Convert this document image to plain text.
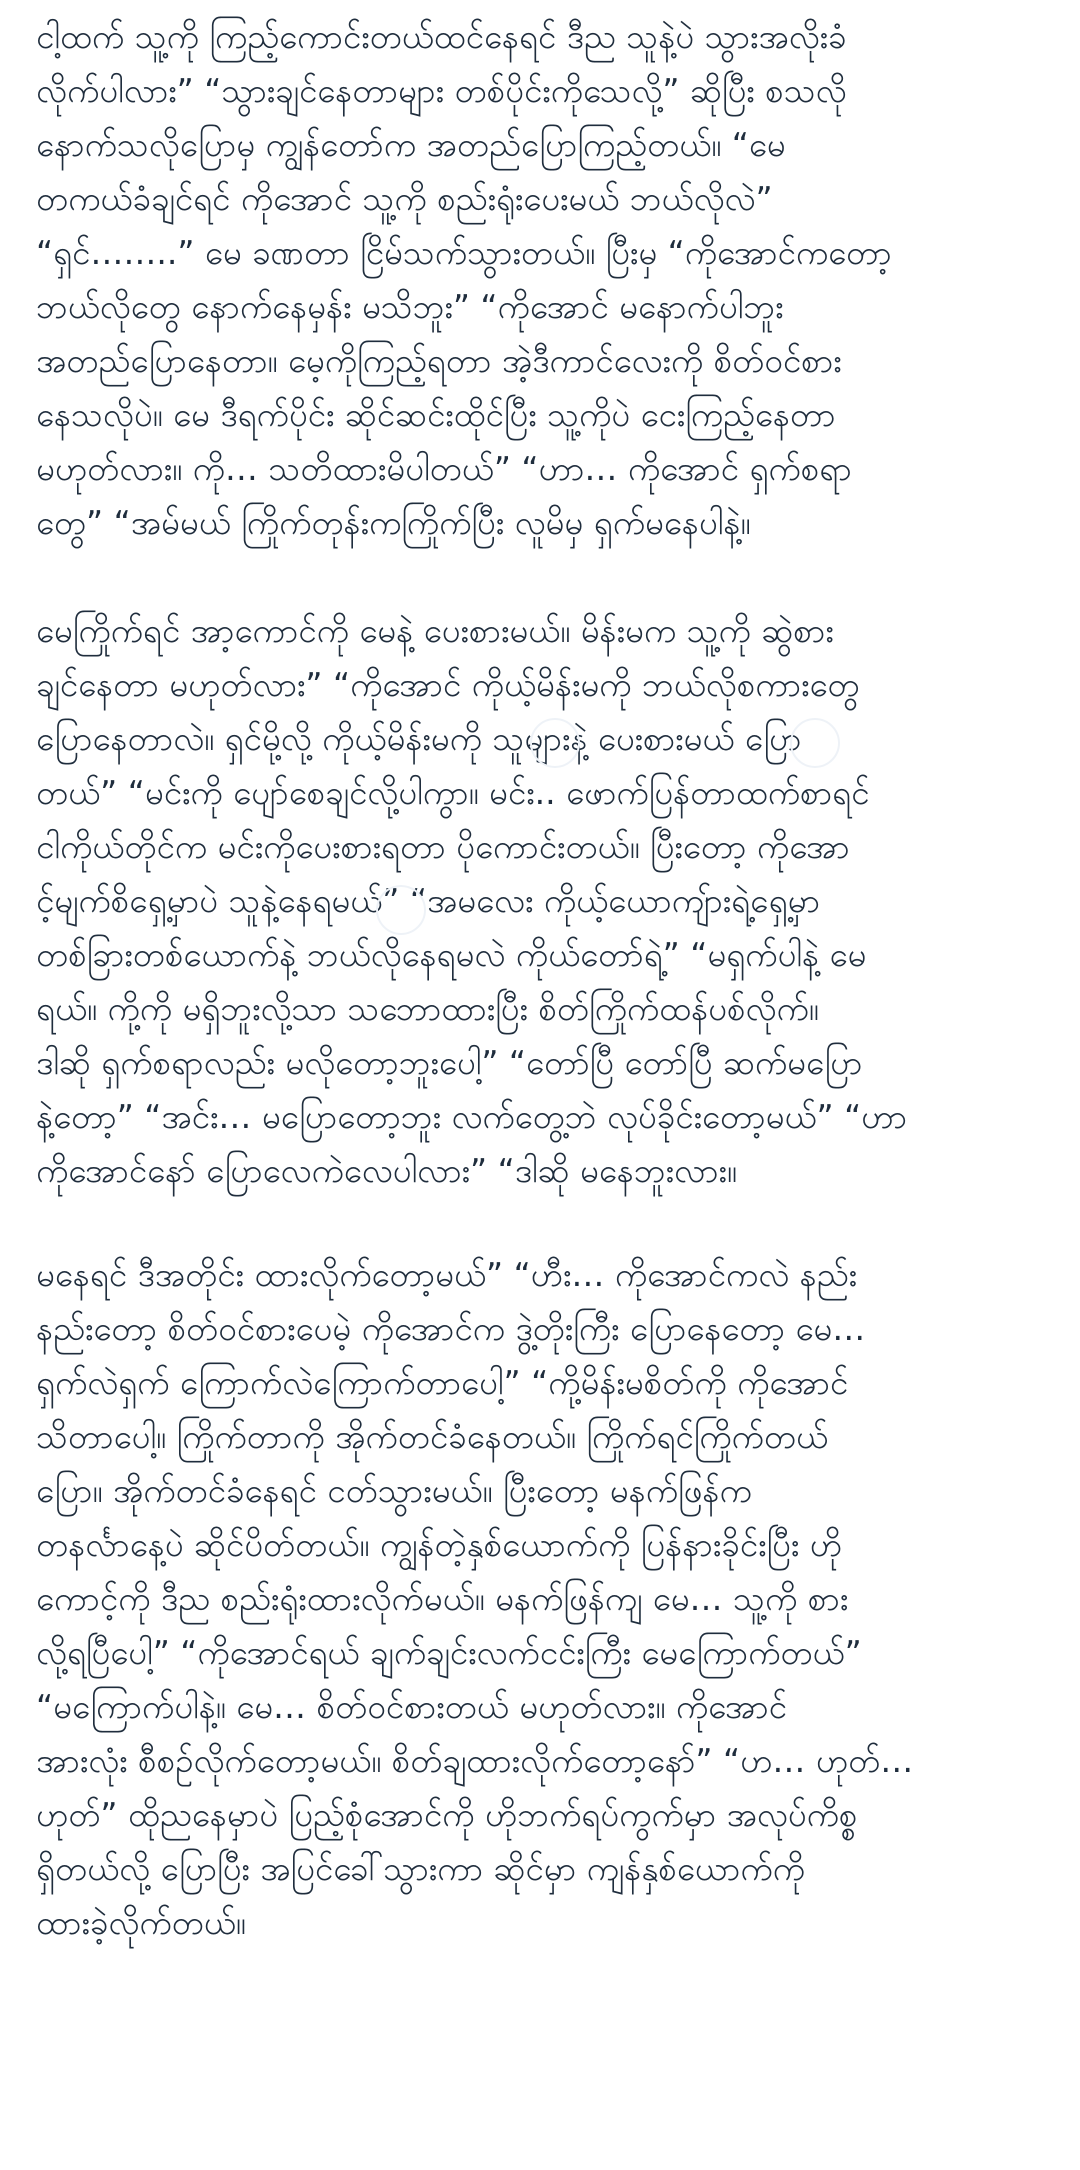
ငါ့ထက် သူ့ကို ကြည့်ကောင်းတယ်ထင်နေရင် ဒီည သူနဲ့ပဲ သွားအလိုးခံ
လိုက်ပါလား” “သွားချင်နေတာများ တစ်ပိုင်းကိုသေလို့” ဆိုပြီး စသလို
နောက်သလိုပြောမှ ကျွန်တော်က အတည်ပြောကြည့်တယ်။ “မေ
တကယ်ခံချင်ရင် ကိုအောင် သူ့ကို စည်းရုံးပေးမယ် ဘယ်လိုလဲ”
“ရှင်……..” မေ ခဏတာ ငြိမ်သက်သွားတယ်။ ပြီးမှ “ကိုအောင်ကတော့
ဘယ်လိုတွေ နောက်နေမှန်း မသိဘူး” “ကိုအောင် မနောက်ပါဘူး
အတည်ပြောနေတာ။ မေ့ကိုကြည့်ရတာ အဲ့ဒီကာင်လေးကို စိတ်ဝင်စား
နေသလိုပဲ။ မေ ဒီရက်ပိုင်း ဆိုင်ဆင်းထိုင်ပြီး သူ့ကိုပဲ ငေးကြည့်နေတာ
မဟုတ်လား။ ကို… သတိထားမိပါတယ်” “ဟာ… ကိုအောင် ရှက်စရာ
တွေ” “အမ်မယ် ကြိုက်တုန်းကကြိုက်ပြီး လူမိမှ ရှက်မနေပါနဲ့။

မေကြိုက်ရင် အာ့ကောင်ကို မေနဲ့ ပေးစားမယ်။ မိန်းမက သူ့ကို ဆွဲစား
ချင်နေတာ မဟုတ်လား” “ကိုအောင် ကိုယ့်မိန်းမကို ဘယ်လိုစကားတွေ
ပြောနေတာလဲ။ ရှင်မို့လို့ ကိုယ့်မိန်းမကို သူများနဲ့ ပေးစားမယ် ပြော
တယ်” “မင်းကို ပျော်စေချင်လို့ပါကွာ။ မင်း.. ဖောက်ပြန်တာထက်စာရင်
ငါကိုယ်တိုင်က မင်းကိုပေးစားရတာ ပိုကောင်းတယ်။ ပြီးတော့ ကိုအော
င့်မျက်စိရှေ့မှာပဲ သူနဲ့နေရမယ်” “အမလေး ကိုယ့်ယောကျ်ားရဲ့ရှေ့မှာ
တစ်ခြားတစ်ယောက်နဲ့ ဘယ်လိုနေရမလဲ ကိုယ်တော်ရဲ့” “မရှက်ပါနဲ့ မေ
ရယ်။ ကို့ကို မရှိဘူးလို့သာ သဘောထားပြီး စိတ်ကြိုက်ထန်ပစ်လိုက်။
ဒါဆို ရှက်စရာလည်း မလိုတော့ဘူးပေါ့” “တော်ပြီ တော်ပြီ ဆက်မပြော
နဲ့တော့” “အင်း… မပြောတော့ဘူး လက်တွေ့ဘဲ လုပ်ခိုင်းတော့မယ်” “ဟာ
ကိုအောင်နော် ပြောလေကဲလေပါလား” “ဒါဆို မနေဘူးလား။

မနေရင် ဒီအတိုင်း ထားလိုက်တော့မယ်” “ဟီး… ကိုအောင်ကလဲ နည်း
နည်းတော့ စိတ်ဝင်စားပေမဲ့ ကိုအောင်က ဒွဲ့တိုးကြီး ပြောနေတော့ မေ…
ရှက်လဲရှက် ကြောက်လဲကြောက်တာပေါ့” “ကို့မိန်းမစိတ်ကို ကိုအောင်
သိတာပေါ့။ ကြိုက်တာကို အိုက်တင်ခံနေတယ်။ ကြိုက်ရင်ကြိုက်တယ်
ပြော။ အိုက်တင်ခံနေရင် ငတ်သွားမယ်။ ပြီးတော့ မနက်ဖြန်က
တနင်္လာနေ့ပဲ ဆိုင်ပိတ်တယ်။ ကျွန်တဲ့နှစ်ယောက်ကို ပြန်နားခိုင်းပြီး ဟို
ကောင့်ကို ဒီည စည်းရုံးထားလိုက်မယ်။ မနက်ဖြန်ကျ မေ… သူ့ကို စား
လို့ရပြီပေါ့” “ကိုအောင်ရယ် ချက်ချင်းလက်ငင်းကြီး မေကြောက်တယ်”
“မကြောက်ပါနဲ့။ မေ… စိတ်ဝင်စားတယ် မဟုတ်လား။ ကိုအောင်
အားလုံး စီစဉ်လိုက်တော့မယ်။ စိတ်ချထားလိုက်တော့နော်” “ဟ… ဟုတ်…
ဟုတ်” ထိုညနေမှာပဲ ပြည့်စုံအောင်ကို ဟိုဘက်ရပ်ကွက်မှာ အလုပ်ကိစ္စ
ရှိတယ်လို့ ပြောပြီး အပြင်ခေါ်သွားကာ ဆိုင်မှာ ကျန်နှစ်ယောက်ကို
ထားခဲ့လိုက်တယ်။
